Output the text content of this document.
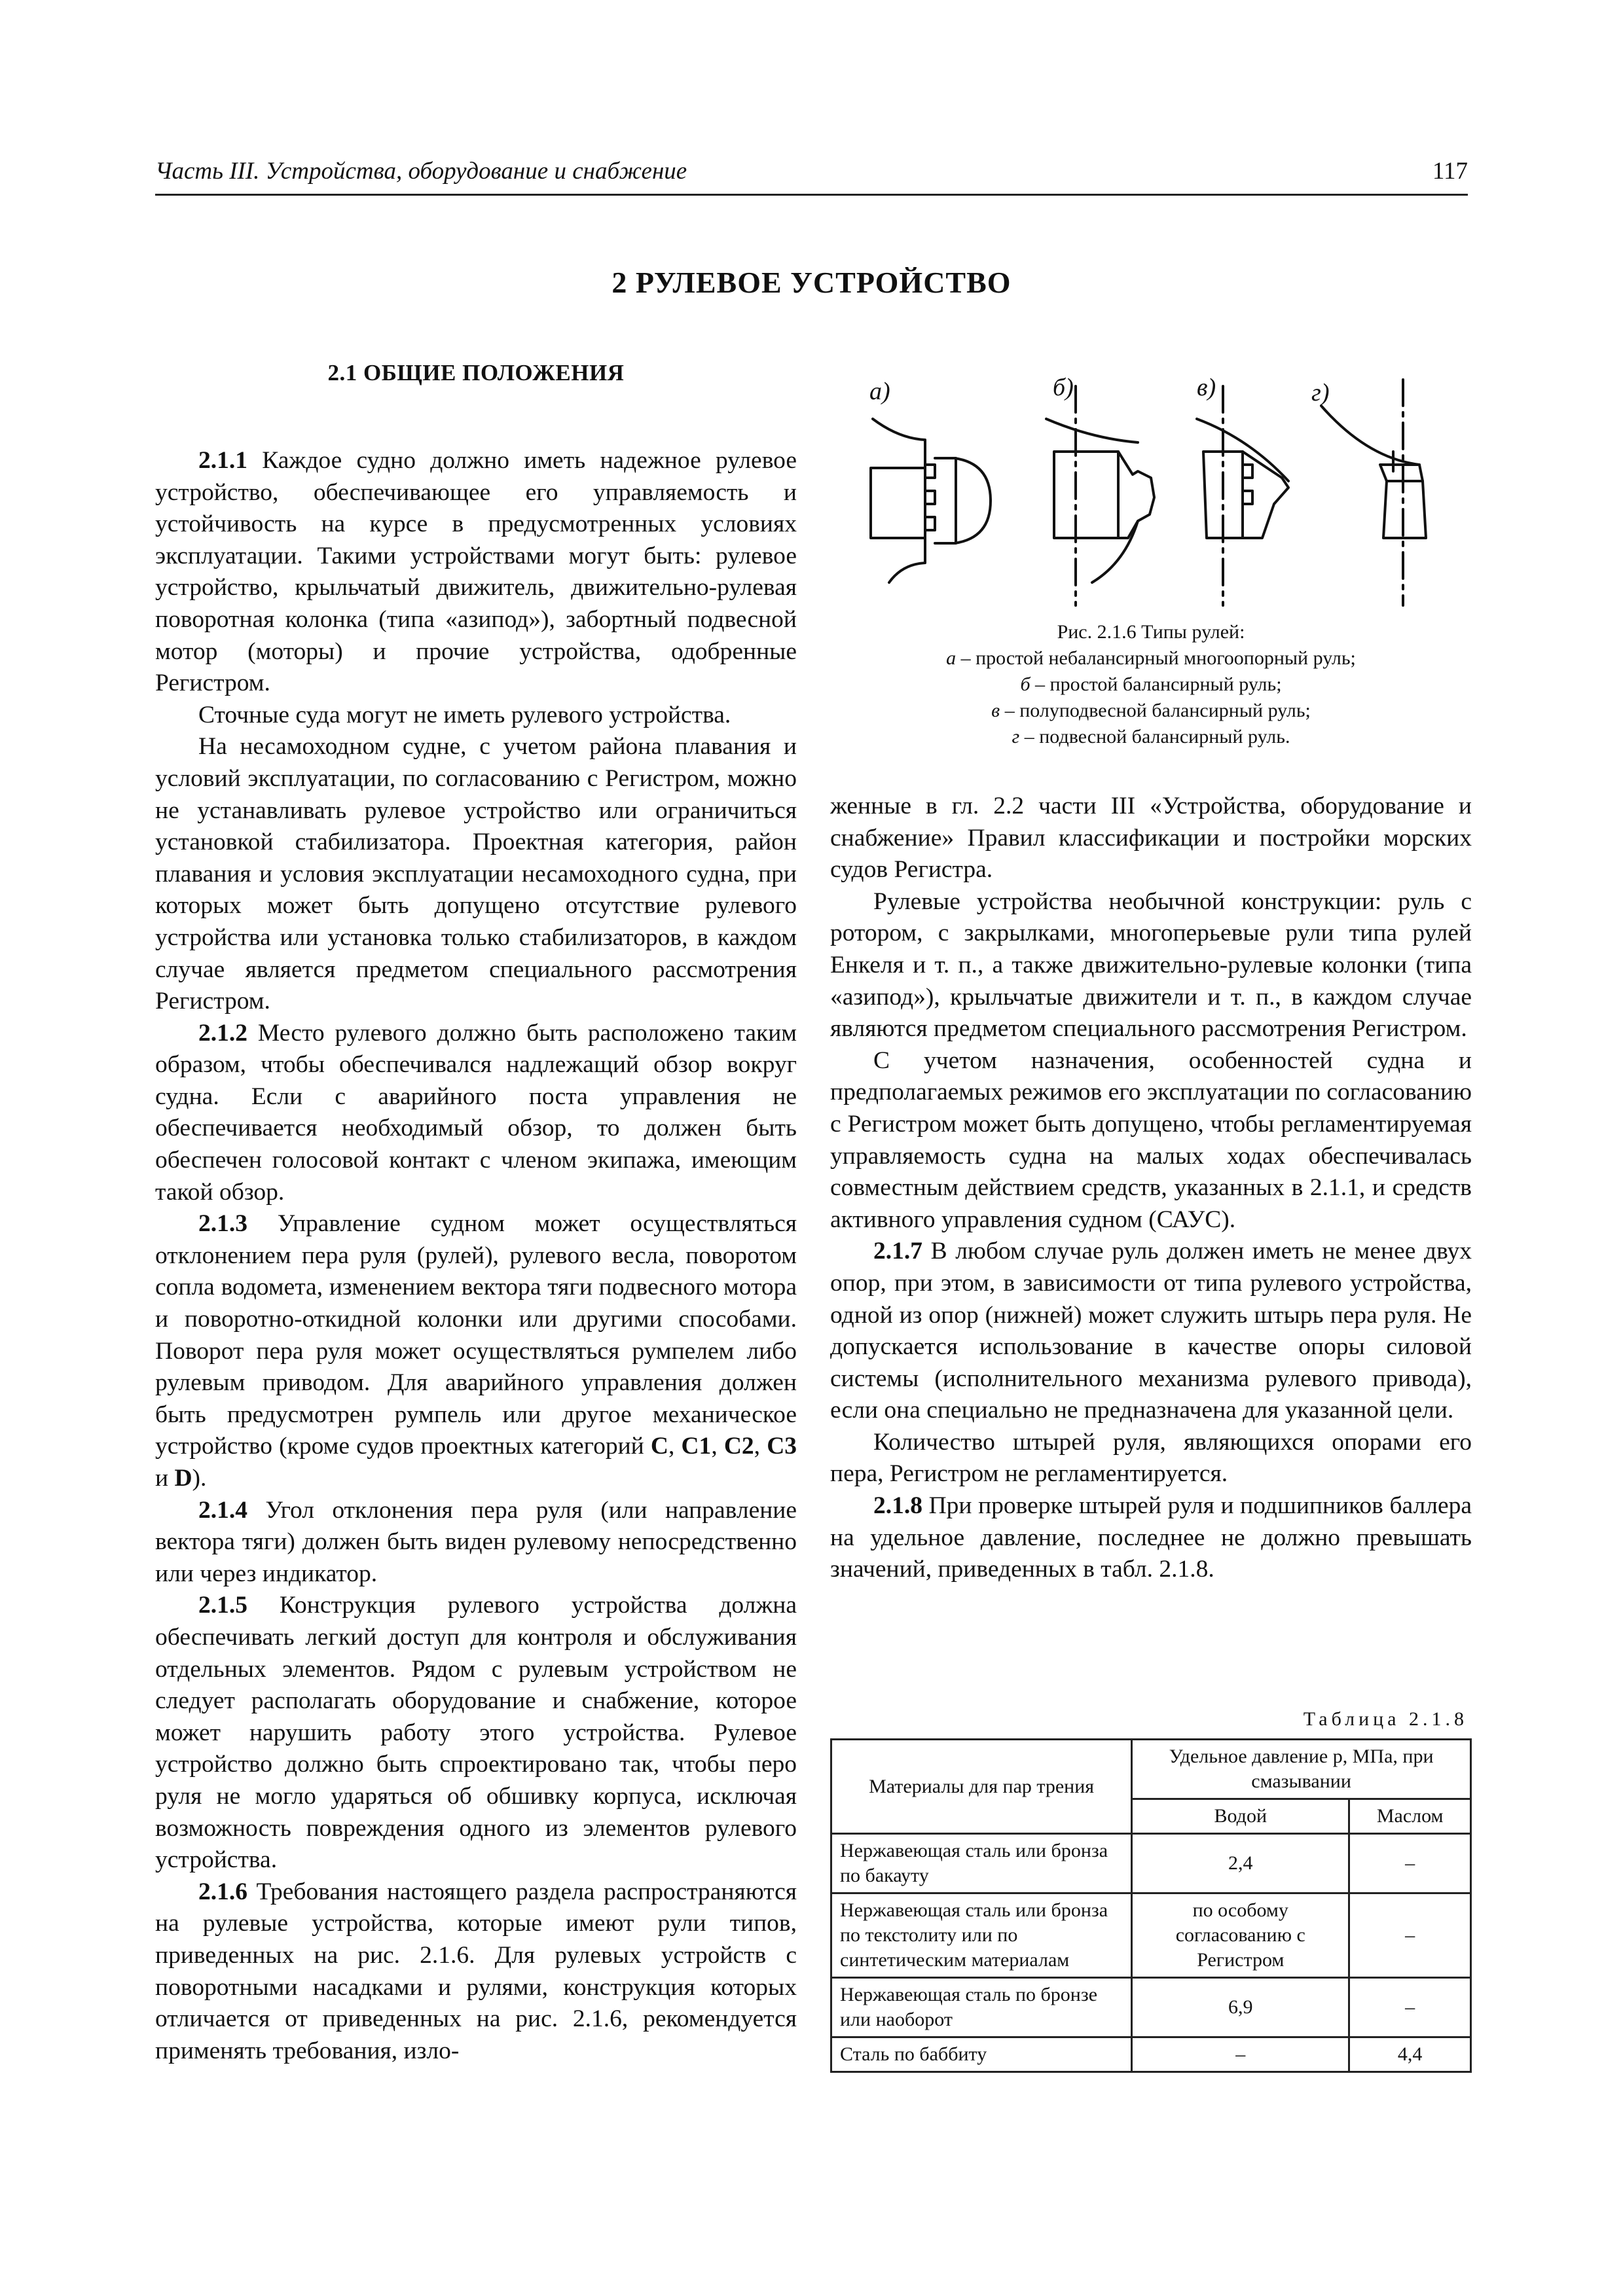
Часть III. Устройства, оборудование и снабжение	117
2 РУЛЕВОЕ УСТРОЙСТВО
2.1 ОБЩИЕ ПОЛОЖЕНИЯ

2.1.1 Каждое судно должно иметь надежное рулевое устройство, обеспечивающее его управляемость и устойчивость на курсе в предусмотренных условиях эксплуатации. Такими устройствами могут быть: рулевое устройство, крыльчатый движитель, движительно-рулевая поворотная колонка (типа «азипод»), забортный подвесной мотор (моторы) и прочие устройства, одобренные Регистром.

Сточные суда могут не иметь рулевого устройства.

На несамоходном судне, с учетом района плавания и условий эксплуатации, по согласованию с Регистром, можно не устанавливать рулевое устройство или ограничиться установкой стабилизатора. Проектная категория, район плавания и условия эксплуатации несамоходного судна, при которых может быть допущено отсутствие рулевого устройства или установка только стабилизаторов, в каждом случае является предметом специального рассмотрения Регистром.

2.1.2 Место рулевого должно быть расположено таким образом, чтобы обеспечивался надлежащий обзор вокруг судна. Если с аварийного поста управления не обеспечивается необходимый обзор, то должен быть обеспечен голосовой контакт с членом экипажа, имеющим такой обзор.

2.1.3 Управление судном может осуществляться отклонением пера руля (рулей), рулевого весла, поворотом сопла водомета, изменением вектора тяги подвесного мотора и поворотно-откидной колонки или другими способами. Поворот пера руля может осуществляться румпелем либо рулевым приводом. Для аварийного управления должен быть предусмотрен румпель или другое механическое устройство (кроме судов проектных категорий C, C1, C2, C3 и D).

2.1.4 Угол отклонения пера руля (или направление вектора тяги) должен быть виден рулевому непосредственно или через индикатор.

2.1.5 Конструкция рулевого устройства должна обеспечивать легкий доступ для контроля и обслуживания отдельных элементов. Рядом с рулевым устройством не следует располагать оборудование и снабжение, которое может нарушить работу этого устройства. Рулевое устройство должно быть спроектировано так, чтобы перо руля не могло ударяться об обшивку корпуса, исключая возможность повреждения одного из элементов рулевого устройства.

2.1.6 Требования настоящего раздела распространяются на рулевые устройства, которые имеют рули типов, приведенных на рис. 2.1.6. Для рулевых устройств с поворотными насадками и рулями, конструкция которых отличается от приведенных на рис. 2.1.6, рекомендуется применять требования, изло-

а)	б)	в)	г)
Рис. 2.1.6 Типы рулей:
а – простой небалансирный многоопорный руль;
б – простой балансирный руль;
в – полуподвесной балансирный руль;
г – подвесной балансирный руль.

женные в гл. 2.2 части III «Устройства, оборудование и снабжение» Правил классификации и постройки морских судов Регистра.

Рулевые устройства необычной конструкции: руль с ротором, с закрылками, многоперьевые рули типа рулей Енкеля и т. п., а также движительно-рулевые колонки (типа «азипод»), крыльчатые движители и т. п., в каждом случае являются предметом специального рассмотрения Регистром.

С учетом назначения, особенностей судна и предполагаемых режимов его эксплуатации по согласованию с Регистром может быть допущено, чтобы регламентируемая управляемость судна на малых ходах обеспечивалась совместным действием средств, указанных в 2.1.1, и средств активного управления судном (САУС).

2.1.7 В любом случае руль должен иметь не менее двух опор, при этом, в зависимости от типа рулевого устройства, одной из опор (нижней) может служить штырь пера руля. Не допускается использование в качестве опоры силовой системы (исполнительного механизма рулевого привода), если она специально не предназначена для указанной цели.

Количество штырей руля, являющихся опорами его пера, Регистром не регламентируется.

2.1.8 При проверке штырей руля и подшипников баллера на удельное давление, последнее не должно превышать значений, приведенных в табл. 2.1.8.

Таблица 2.1.8
Материалы для пар трения	Удельное давление p, МПа, при смазывании	
	Водой	Маслом
Нержавеющая сталь или бронза по бакауту	2,4	–
Нержавеющая сталь или бронза по текстолиту или по синтетическим материалам	по особому согласованию с Регистром	–
Нержавеющая сталь по бронзе или наоборот	6,9	–
Сталь по баббиту	–	4,4
